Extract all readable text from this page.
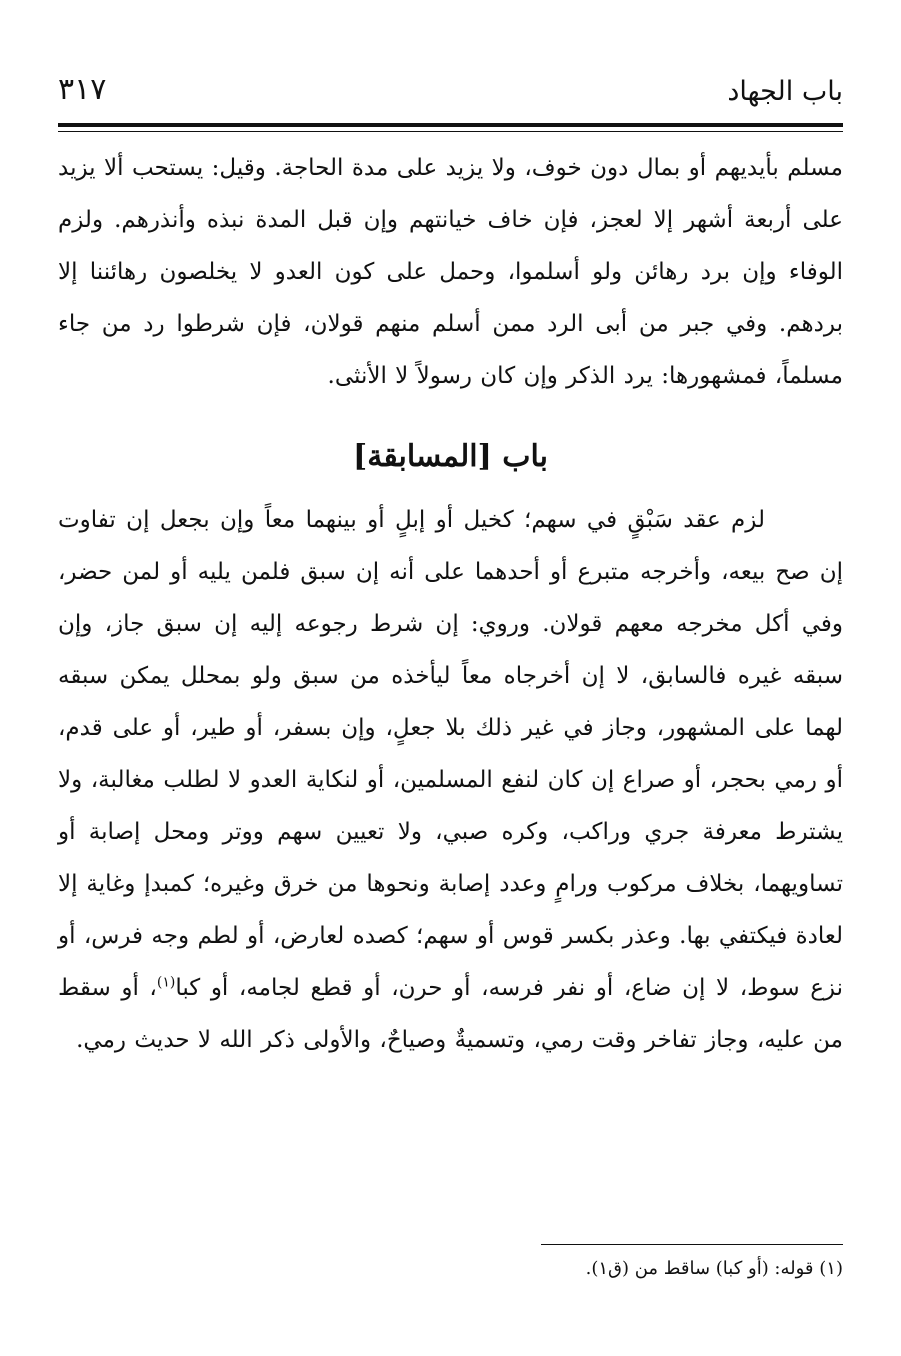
باب الجهاد
٣١٧

مسلم بأيديهم أو بمال دون خوف، ولا يزيد على مدة الحاجة. وقيل: يستحب ألا يزيد على أربعة أشهر إلا لعجز، فإن خاف خيانتهم وإن قبل المدة نبذه وأنذرهم. ولزم الوفاء وإن برد رهائن ولو أسلموا، وحمل على كون العدو لا يخلصون رهائننا إلا بردهم. وفي جبر من أبى الرد ممن أسلم منهم قولان، فإن شرطوا رد من جاء مسلماً، فمشهورها: يرد الذكر وإن كان رسولاً لا الأنثى.

باب [المسابقة]

لزم عقد سَبْقٍ في سهم؛ كخيل أو إبلٍ أو بينهما معاً وإن بجعل إن تفاوت إن صح بيعه، وأخرجه متبرع أو أحدهما على أنه إن سبق فلمن يليه أو لمن حضر، وفي أكل مخرجه معهم قولان. وروي: إن شرط رجوعه إليه إن سبق جاز، وإن سبقه غيره فالسابق، لا إن أخرجاه معاً ليأخذه من سبق ولو بمحلل يمكن سبقه لهما على المشهور، وجاز في غير ذلك بلا جعلٍ، وإن بسفر، أو طير، أو على قدم، أو رمي بحجر، أو صراع إن كان لنفع المسلمين، أو لنكاية العدو لا لطلب مغالبة، ولا يشترط معرفة جري وراكب، وكره صبي، ولا تعيين سهم ووتر ومحل إصابة أو تساويهما، بخلاف مركوب ورامٍ وعدد إصابة ونحوها من خرق وغيره؛ كمبدإ وغاية إلا لعادة فيكتفي بها. وعذر بكسر قوس أو سهم؛ كصده لعارض، أو لطم وجه فرس، أو نزع سوط، لا إن ضاع، أو نفر فرسه، أو حرن، أو قطع لجامه، أو كبا$^{(١)}$، أو سقط من عليه، وجاز تفاخر وقت رمي، وتسميةٌ وصياحٌ، والأولى ذكر الله لا حديث رمي.

(١) قوله: (أو كبا) ساقط من (ق١).
